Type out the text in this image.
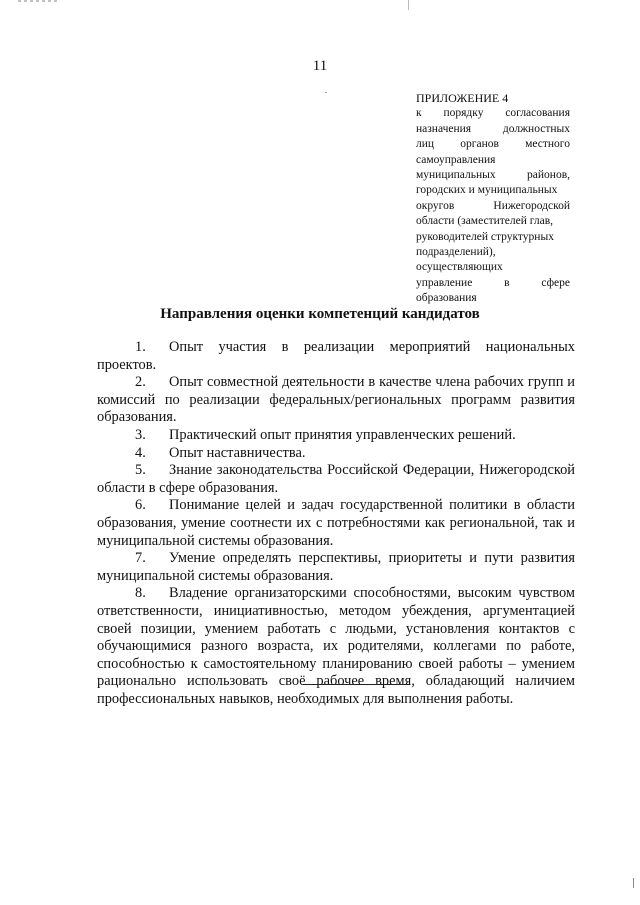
11

ПРИЛОЖЕНИЕ 4

к порядку согласования

назначения	должностных

лиц органов местного

самоуправления

муниципальных	районов,

городских и муниципальных

округов	Нижегородской

области (заместителей глав,

руководителей структурных

подразделений),

осуществляющих

управление	в	сфере

образования

Направления оценки компетенций кандидатов

1. Опыт участия в реализации мероприятий национальных проектов.

2. Опыт совместной деятельности в качестве члена рабочих групп и комиссий по реализации федеральных/региональных программ развития образования.

3. Практический опыт принятия управленческих решений.

4. Опыт наставничества.

5. Знание законодательства Российской Федерации, Нижегородской области в сфере образования.

6. Понимание целей и задач государственной политики в области образования, умение соотнести их с потребностями как региональной, так и муниципальной системы образования.

7. Умение определять перспективы, приоритеты и пути развития муниципальной системы образования.

8. Владение организаторскими способностями, высоким чувством ответственности, инициативностью, методом убеждения, аргументацией своей позиции, умением работать с людьми, установления контактов с обучающимися разного возраста, их родителями, коллегами по работе, способностью к самостоятельному планированию своей работы – умением рационально использовать своё рабочее время, обладающий наличием профессиональных навыков, необходимых для выполнения работы.
